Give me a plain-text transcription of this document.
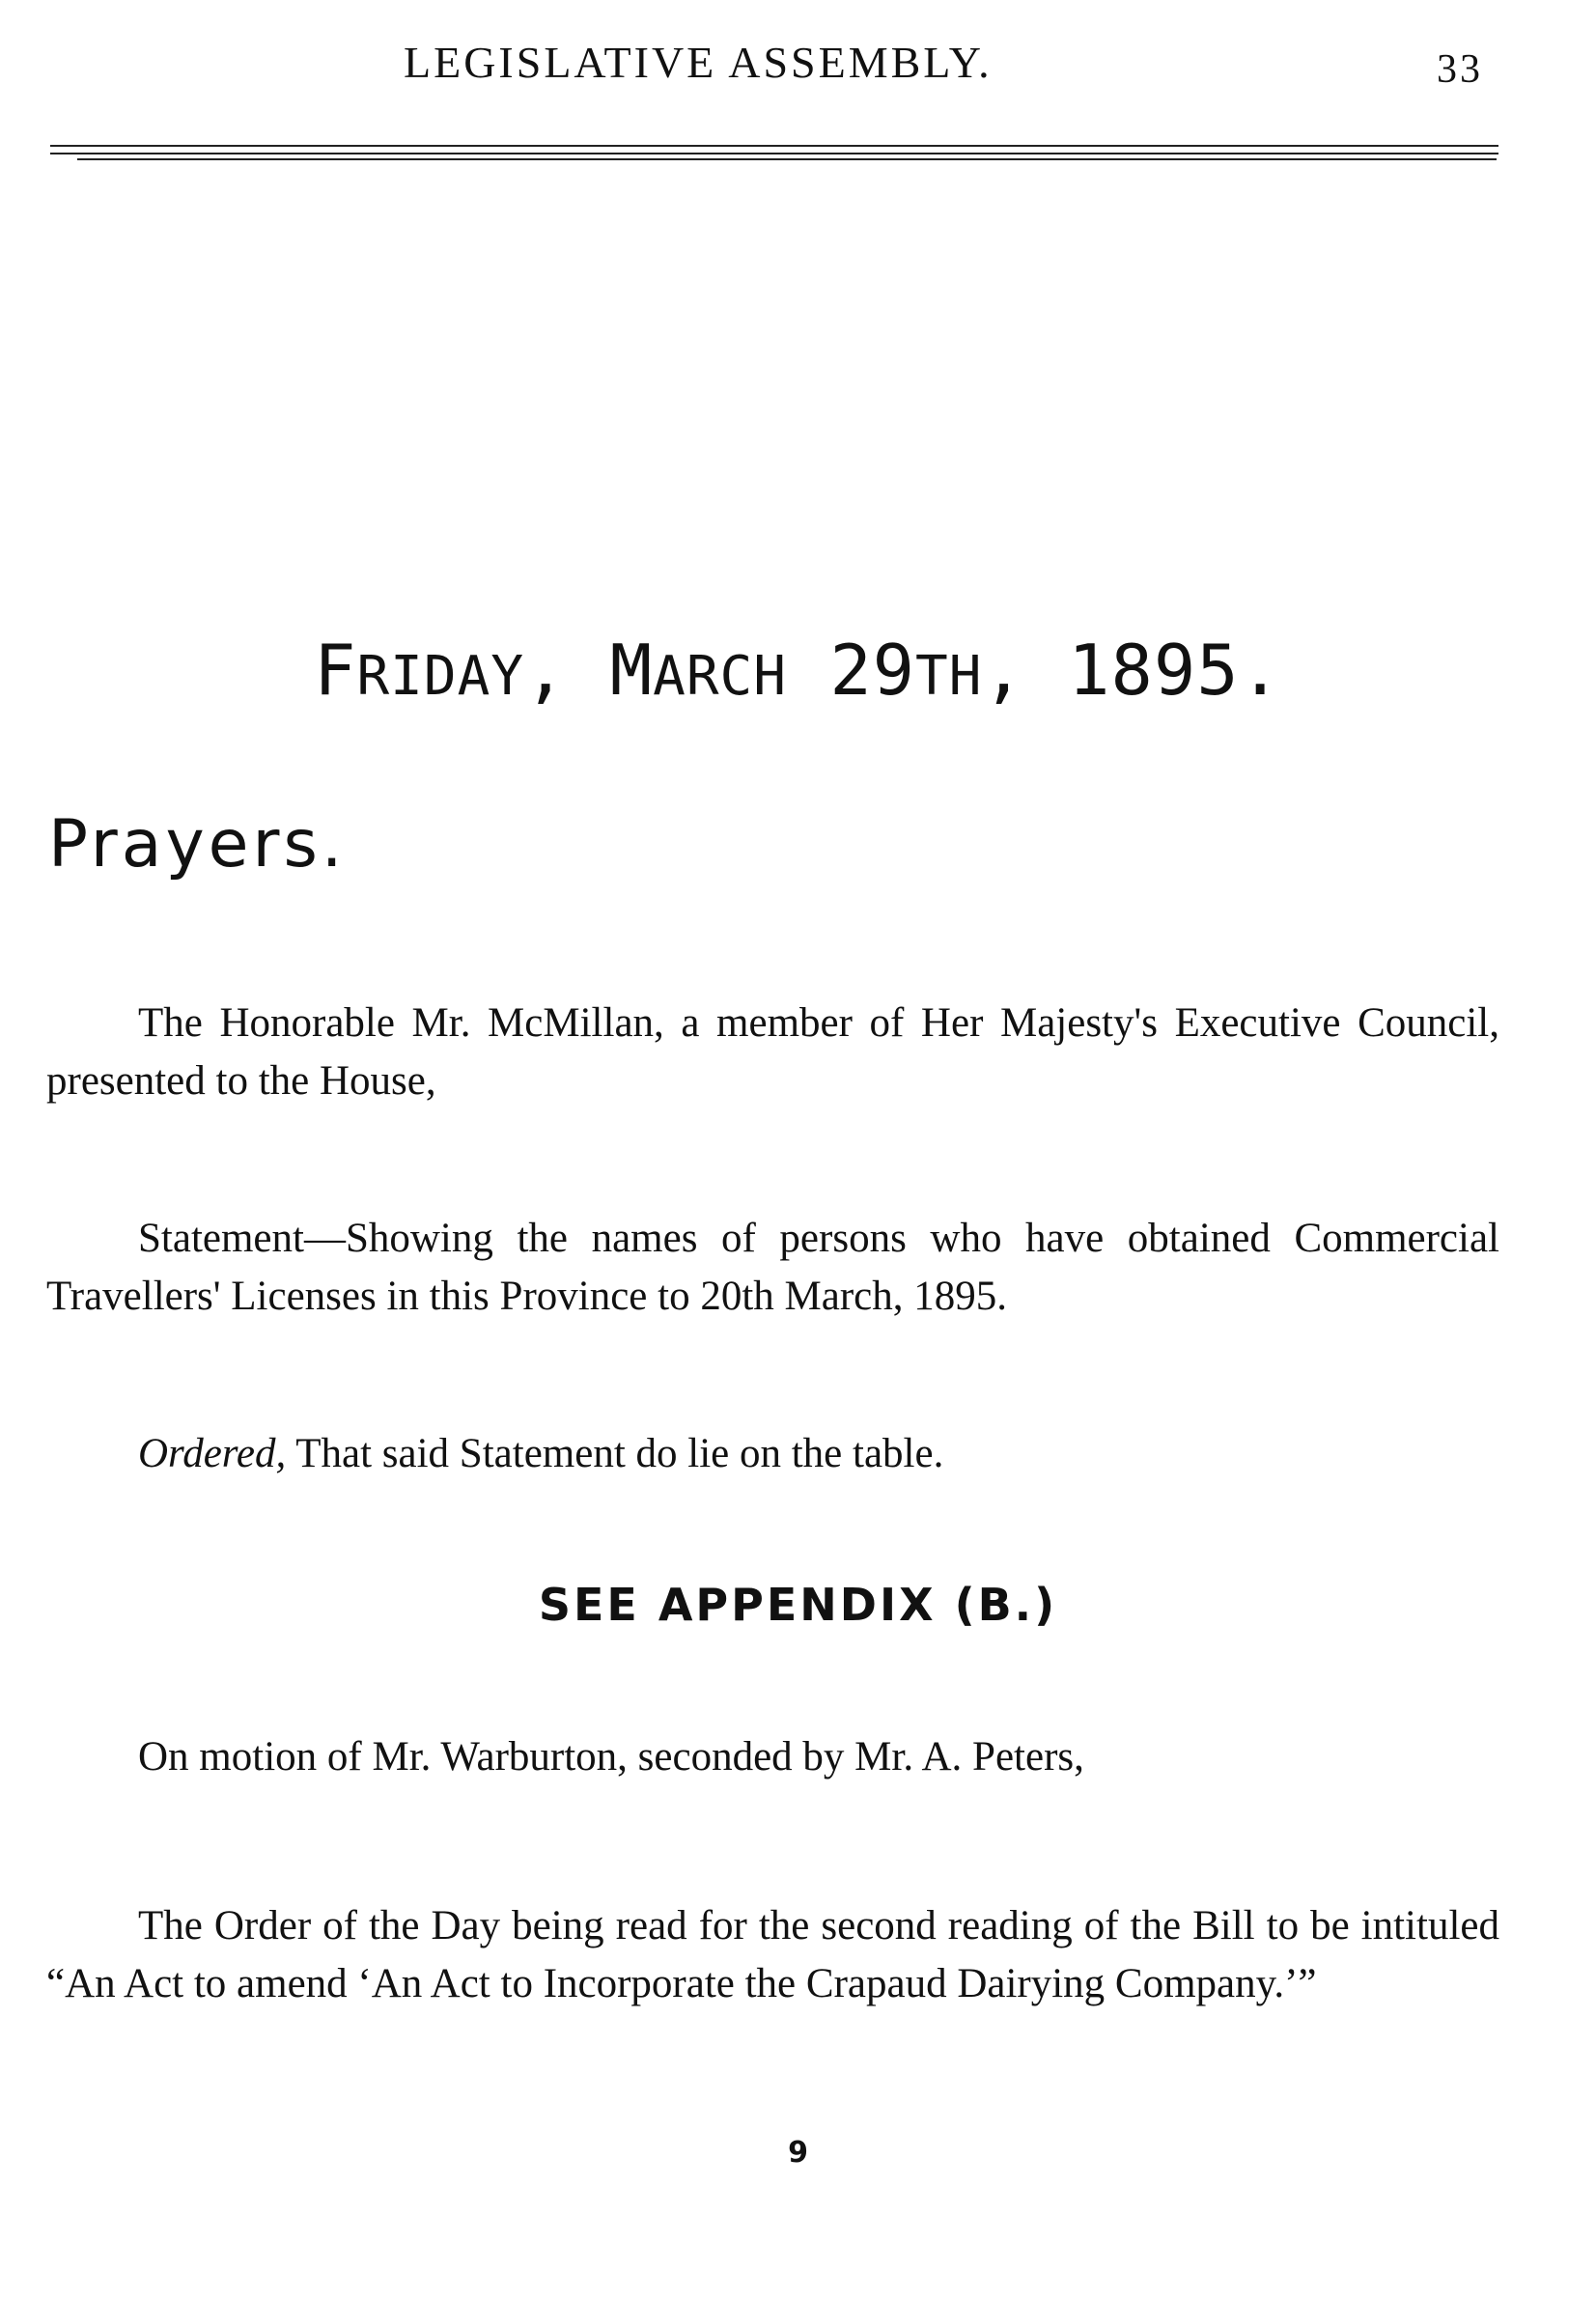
LEGISLATIVE ASSEMBLY.	33
FRIDAY, MARCH 29TH, 1895.
Prayers.
The Honorable Mr. McMillan, a member of Her Majesty's Executive Council, presented to the House,
Statement—Showing the names of persons who have obtained Commercial Travellers' Licenses in this Province to 20th March, 1895.
Ordered, That said Statement do lie on the table.
SEE APPENDIX (B.)
On motion of Mr. Warburton, seconded by Mr. A. Peters,
The Order of the Day being read for the second reading of the Bill to be intituled “An Act to amend ‘An Act to Incorporate the Crapaud Dairying Company.’”
9
